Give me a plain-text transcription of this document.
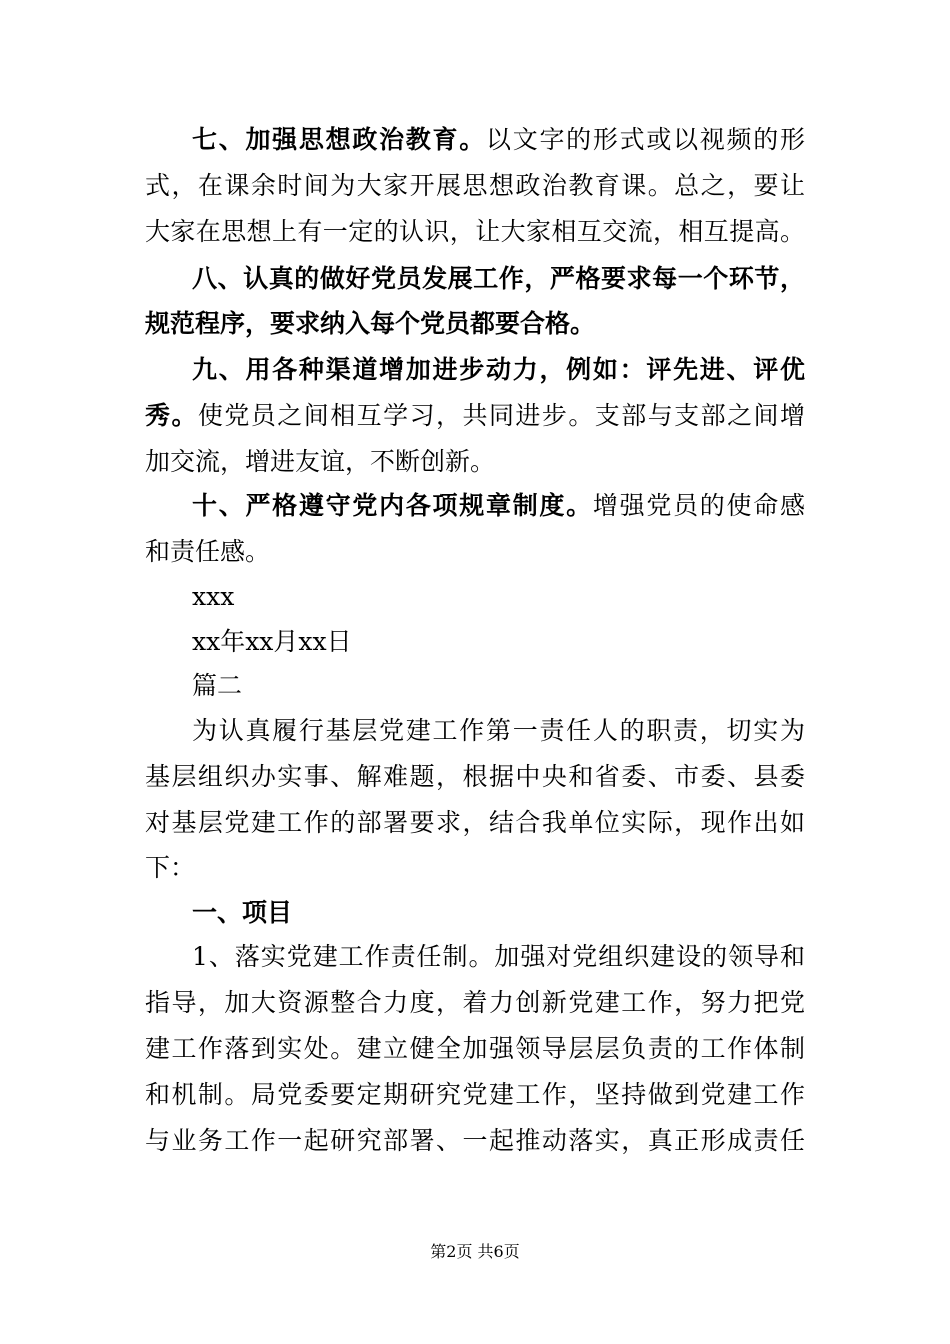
七、加强思想政治教育。以文字的形式或以视频的形
式，在课余时间为大家开展思想政治教育课。总之，要让
大家在思想上有一定的认识，让大家相互交流，相互提高。
八、认真的做好党员发展工作，严格要求每一个环节，
规范程序，要求纳入每个党员都要合格。
九、用各种渠道增加进步动力，例如：评先进、评优
秀。使党员之间相互学习，共同进步。支部与支部之间增
加交流，增进友谊，不断创新。
十、严格遵守党内各项规章制度。增强党员的使命感
和责任感。
xxx
xx年xx月xx日
篇二
为认真履行基层党建工作第一责任人的职责，切实为
基层组织办实事、解难题，根据中央和省委、市委、县委
对基层党建工作的部署要求，结合我单位实际，现作出如
下：
一、项目
1、落实党建工作责任制。加强对党组织建设的领导和
指导，加大资源整合力度，着力创新党建工作，努力把党
建工作落到实处。建立健全加强领导层层负责的工作体制
和机制。局党委要定期研究党建工作，坚持做到党建工作
与业务工作一起研究部署、一起推动落实，真正形成责任
第2页 共6页
